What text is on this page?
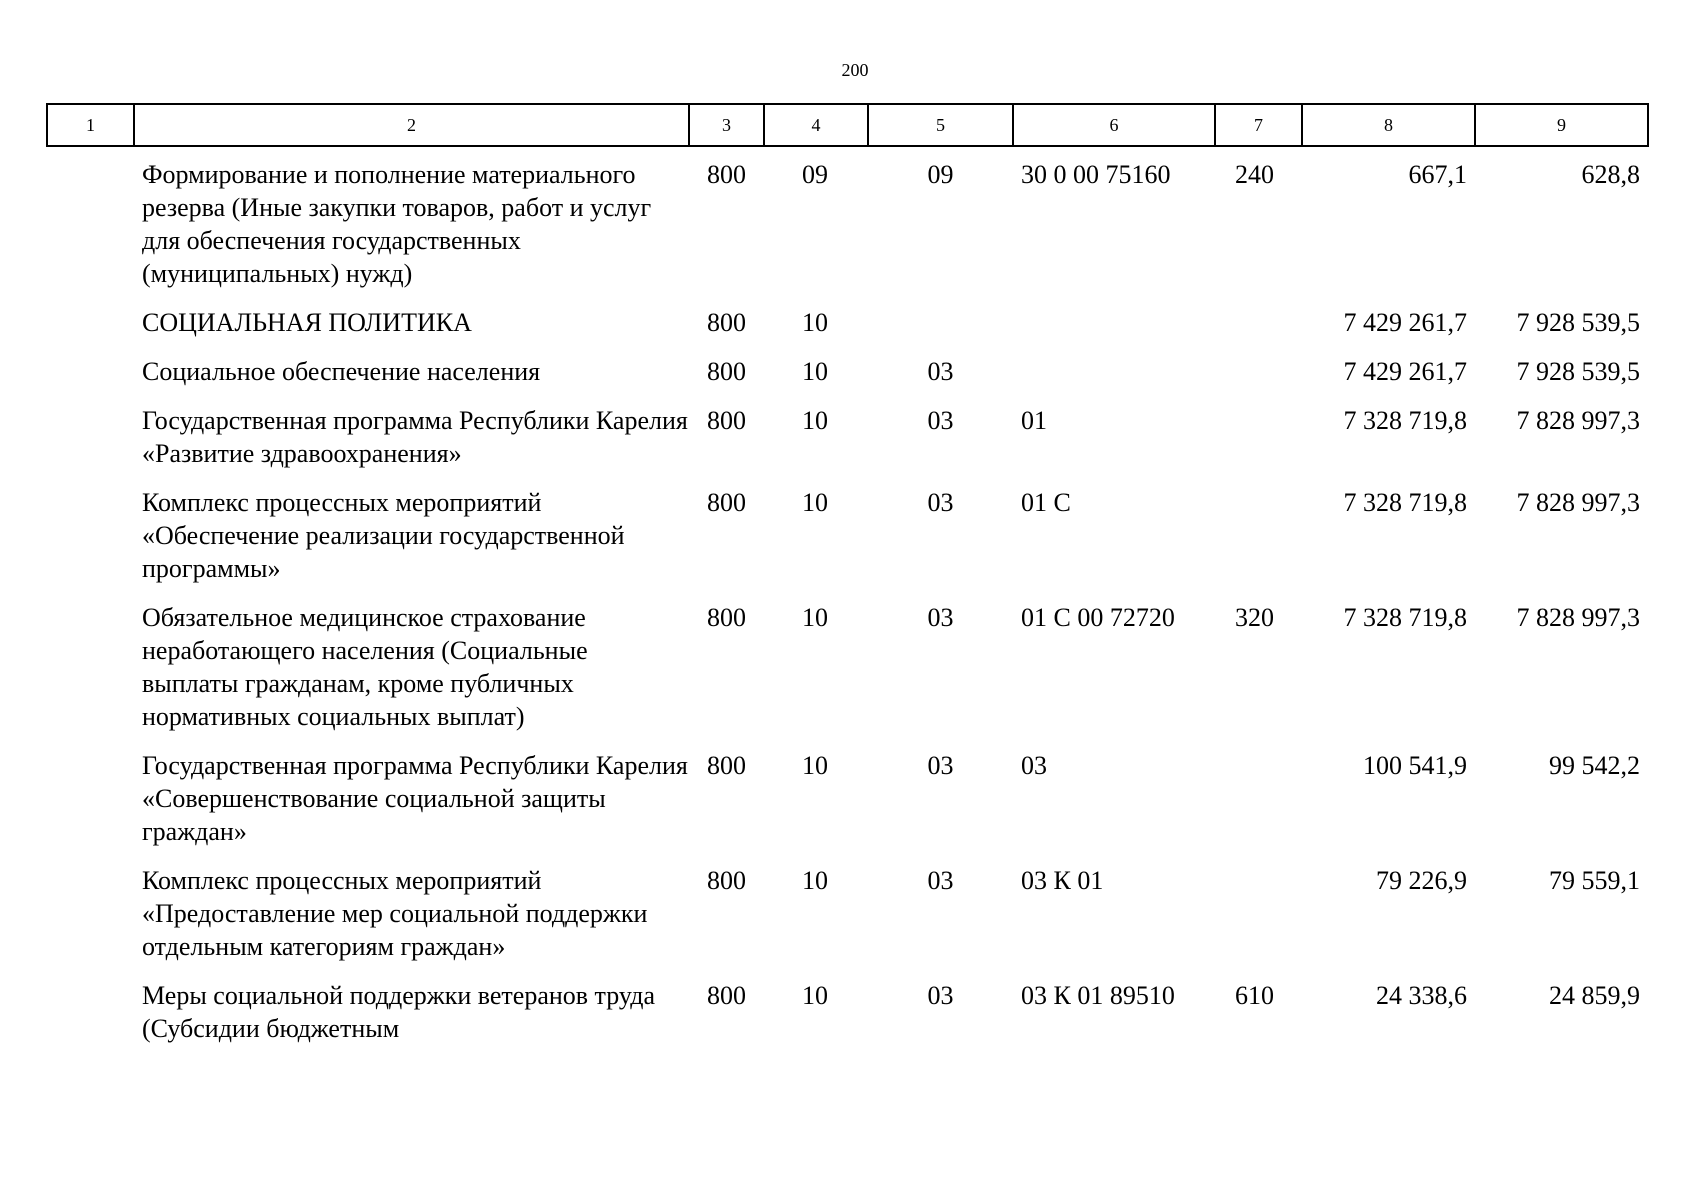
200
1	2	3	4	5	6	7	8	9
Формирование и пополнение материального резерва (Иные закупки товаров, работ и услуг для обеспечения государственных (муниципальных) нужд)		800	09	09	30 0 00 75160	240	667,1	628,8
СОЦИАЛЬНАЯ ПОЛИТИКА		800	10				7 429 261,7	7 928 539,5
Социальное обеспечение населения		800	10	03			7 429 261,7	7 928 539,5
Государственная программа Республики Карелия «Развитие здравоохранения»		800	10	03	01		7 328 719,8	7 828 997,3
Комплекс процессных мероприятий «Обеспечение реализации государственной программы»		800	10	03	01 С		7 328 719,8	7 828 997,3
Обязательное медицинское страхование неработающего населения (Социальные выплаты гражданам, кроме публичных нормативных социальных выплат)		800	10	03	01 С 00 72720	320	7 328 719,8	7 828 997,3
Государственная программа Республики Карелия «Совершенствование социальной защиты граждан»		800	10	03	03		100 541,9	99 542,2
Комплекс процессных мероприятий «Предоставление мер социальной поддержки отдельным категориям граждан»		800	10	03	03 К 01		79 226,9	79 559,1
Меры социальной поддержки ветеранов труда (Субсидии бюджетным		800	10	03	03 К 01 89510	610	24 338,6	24 859,9
